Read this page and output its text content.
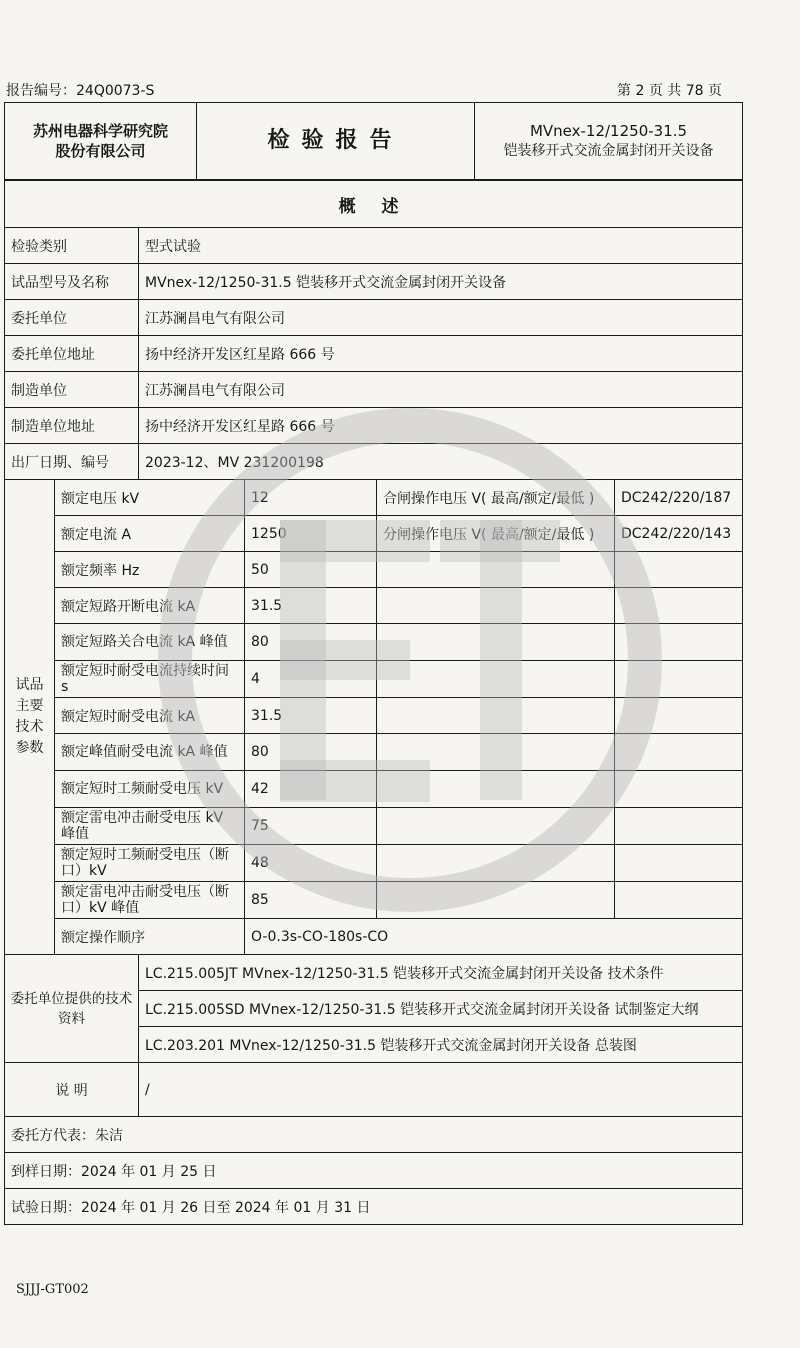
报告编号：24Q0073-S	第 2 页 共 78 页
苏州电器科学研究院
股份有限公司	检验报告	MVnex-12/1250-31.5
铠装移开式交流金属封闭开关设备
概 述					
检验类别		型式试验			
试品型号及名称		MVnex-12/1250-31.5 铠装移开式交流金属封闭开关设备			
委托单位		江苏澜昌电气有限公司			
委托单位地址		扬中经济开发区红星路 666 号			
制造单位		江苏澜昌电气有限公司			
制造单位地址		扬中经济开发区红星路 666 号			
出厂日期、编号		2023-12、MV 231200198			
试品主要技术参数	额定电压 kV		12	合闸操作电压 V( 最高/额定/最低 )	DC242/220/187
	额定电流 A		1250	分闸操作电压 V( 最高/额定/最低 )	DC242/220/143
	额定频率 Hz		50		
	额定短路开断电流 kA		31.5		
	额定短路关合电流 kA 峰值		80		
	额定短时耐受电流持续时间 s		4		
	额定短时耐受电流 kA		31.5		
	额定峰值耐受电流 kA 峰值		80		
	额定短时工频耐受电压 kV		42		
	额定雷电冲击耐受电压 kV 峰值		75		
	额定短时工频耐受电压（断口）kV		48		
	额定雷电冲击耐受电压（断口）kV 峰值		85		
	额定操作顺序		O-0.3s-CO-180s-CO		
委托单位提供的技术资料		LC.215.005JT MVnex-12/1250-31.5 铠装移开式交流金属封闭开关设备 技术条件			
		LC.215.005SD MVnex-12/1250-31.5 铠装移开式交流金属封闭开关设备 试制鉴定大纲			
		LC.203.201 MVnex-12/1250-31.5 铠装移开式交流金属封闭开关设备 总装图			
说 明		/			
委托方代表：朱洁					
到样日期：2024 年 01 月 25 日					
试验日期：2024 年 01 月 26 日至 2024 年 01 月 31 日					
SJJJ-GT002
